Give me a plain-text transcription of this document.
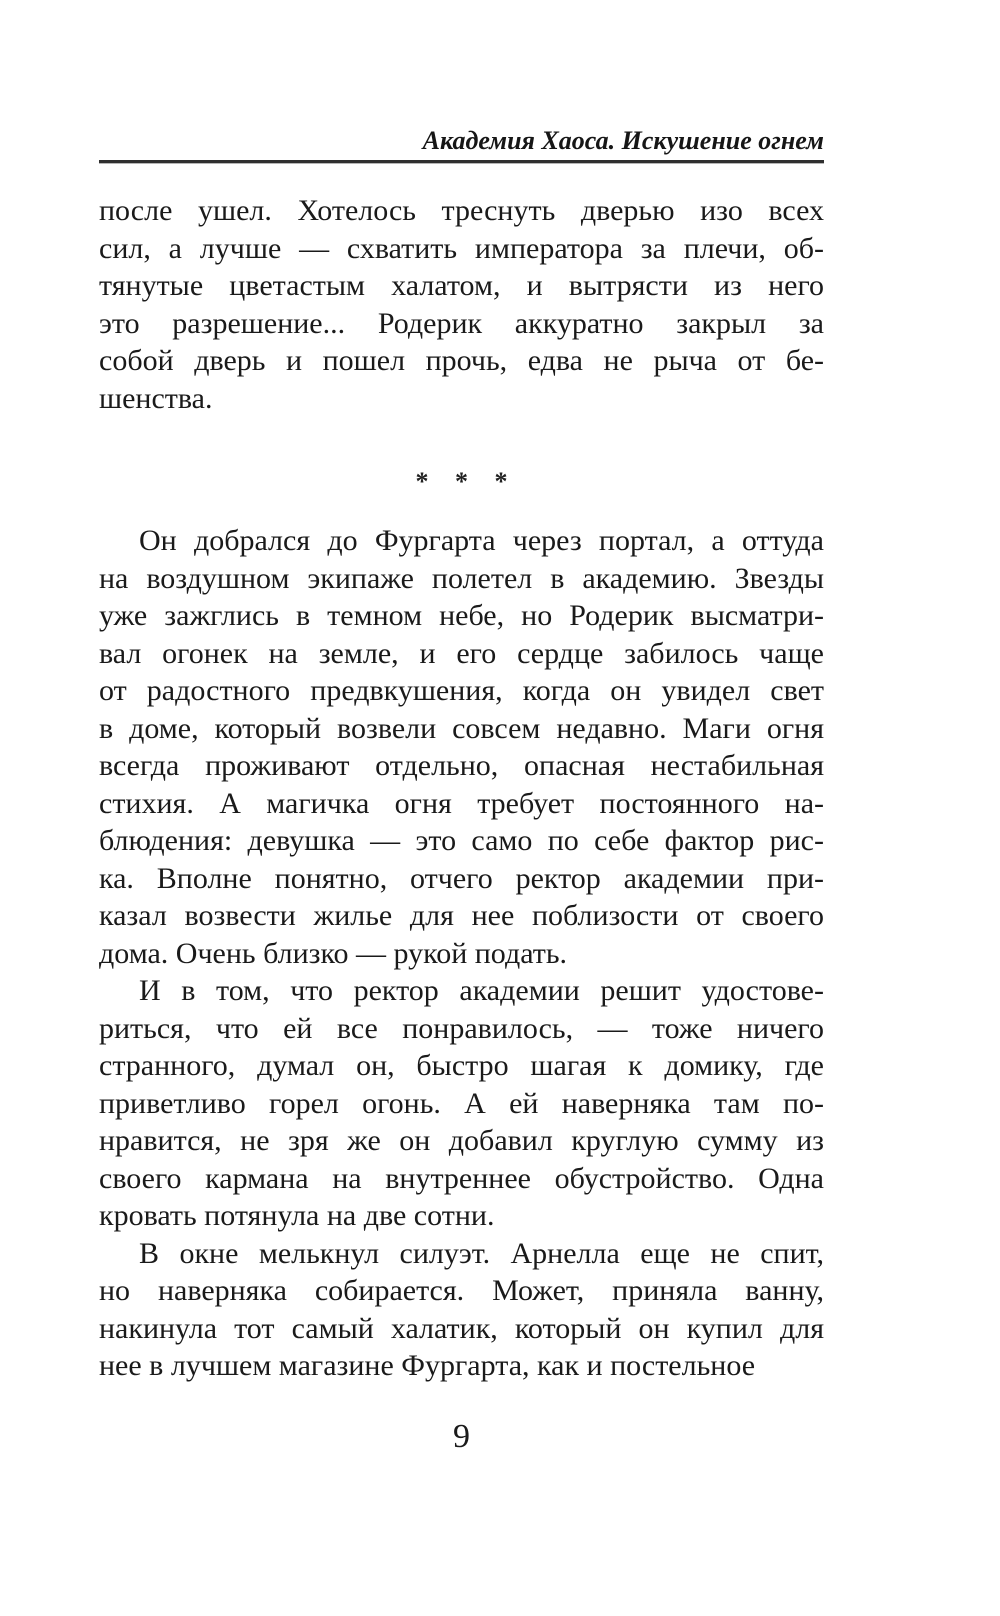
Академия Хаоса. Искушение огнем
после ушел. Хотелось треснуть дверью изо всех
сил, а лучше — схватить императора за плечи, об-
тянутые цветастым халатом, и вытрясти из него
это разрешение... Родерик аккуратно закрыл за
собой дверь и пошел прочь, едва не рыча от бе-
шенства.
* * *
Он добрался до Фургарта через портал, а оттуда
на воздушном экипаже полетел в академию. Звезды
уже зажглись в темном небе, но Родерик высматри-
вал огонек на земле, и его сердце забилось чаще
от радостного предвкушения, когда он увидел свет
в доме, который возвели совсем недавно. Маги огня
всегда проживают отдельно, опасная нестабильная
стихия. А магичка огня требует постоянного на-
блюдения: девушка — это само по себе фактор рис-
ка. Вполне понятно, отчего ректор академии при-
казал возвести жилье для нее поблизости от своего
дома. Очень близко — рукой подать.
И в том, что ректор академии решит удостове-
риться, что ей все понравилось, — тоже ничего
странного, думал он, быстро шагая к домику, где
приветливо горел огонь. А ей наверняка там по-
нравится, не зря же он добавил круглую сумму из
своего кармана на внутреннее обустройство. Одна
кровать потянула на две сотни.
В окне мелькнул силуэт. Арнелла еще не спит,
но наверняка собирается. Может, приняла ванну,
накинула тот самый халатик, который он купил для
нее в лучшем магазине Фургарта, как и постельное
9
